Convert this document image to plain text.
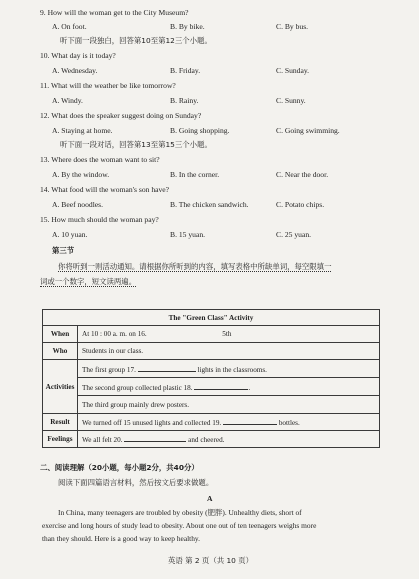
9. How will the woman get to the City Museum?
A. On foot.	B. By bike.	C. By bus.
听下面一段独白，回答第10至第12三个小题。
10. What day is it today?
A. Wednesday.	B. Friday.	C. Sunday.
11. What will the weather be like tomorrow?
A. Windy.	B. Rainy.	C. Sunny.
12. What does the speaker suggest doing on Sunday?
A. Staying at home.	B. Going shopping.	C. Going swimming.
听下面一段对话，回答第13至第15三个小题。
13. Where does the woman want to sit?
A. By the window.	B. In the corner.	C. Near the door.
14. What food will the woman's son have?
A. Beef noodles.	B. The chicken sandwich.	C. Potato chips.
15. How much should the woman pay?
A. 10 yuan.	B. 15 yuan.	C. 25 yuan.
第三节
你将听到一则活动通知。请根据你所听到的内容，填写表格中所缺单词，每空限填一
词或一个数字，短文读两遍。
The "Green Class" Activity	
When	At 10 : 00 a. m. on 16. 5th
Who	Students in our class.
Activities	The first group 17. lights in the classrooms.
	The second group collected plastic 18. .
	The third group mainly drew posters.
Result	We turned off 15 unused lights and collected 19. bottles.
Feelings	We all felt 20. and cheered.
二、阅读理解（20小题，每小题2分，共40分）
阅读下面四篇语言材料，然后按文后要求做题。
A
In China, many teenagers are troubled by obesity (肥胖). Unhealthy diets, short of
exercise and long hours of study lead to obesity. About one out of ten teenagers weighs more
than they should. Here is a good way to keep healthy.
英语 第 2 页（共 10 页）
